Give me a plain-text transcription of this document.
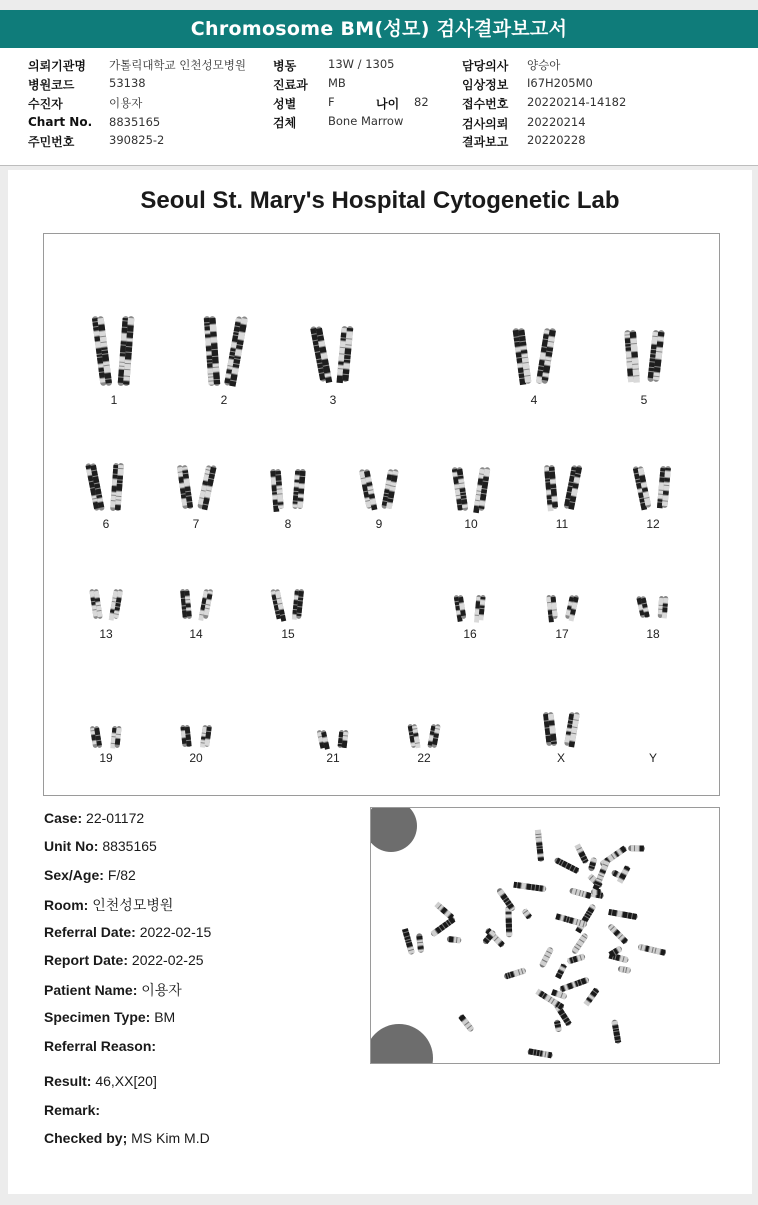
Chromosome BM(성모) 검사결과보고서
의뢰기관명 가톨릭대학교 인천성모병원
병원코드	53138
수진자	이용자
Chart No. 8835165
주민번호	390825-2
병동	13W / 1305
진료과 MB
성별	F	나이 82
검체	Bone Marrow
담당의사 양승아
임상정보 I67H205M0
접수번호 20220214-14182
검사의뢰 20220214
결과보고 20220228
Seoul St. Mary's Hospital Cytogenetic Lab
1	2	3	4	5
6	7	8	9	10	11	12
13	14	15	16	17	18
19	20	21	22	X	Y
Case: 22-01172
Unit No: 8835165
Sex/Age: F/82
Room: 인천성모병원
Referral Date: 2022-02-15
Report Date: 2022-02-25
Patient Name: 이용자
Specimen Type: BM
Referral Reason:
Result: 46,XX[20]
Remark:
Checked by; MS Kim M.D
